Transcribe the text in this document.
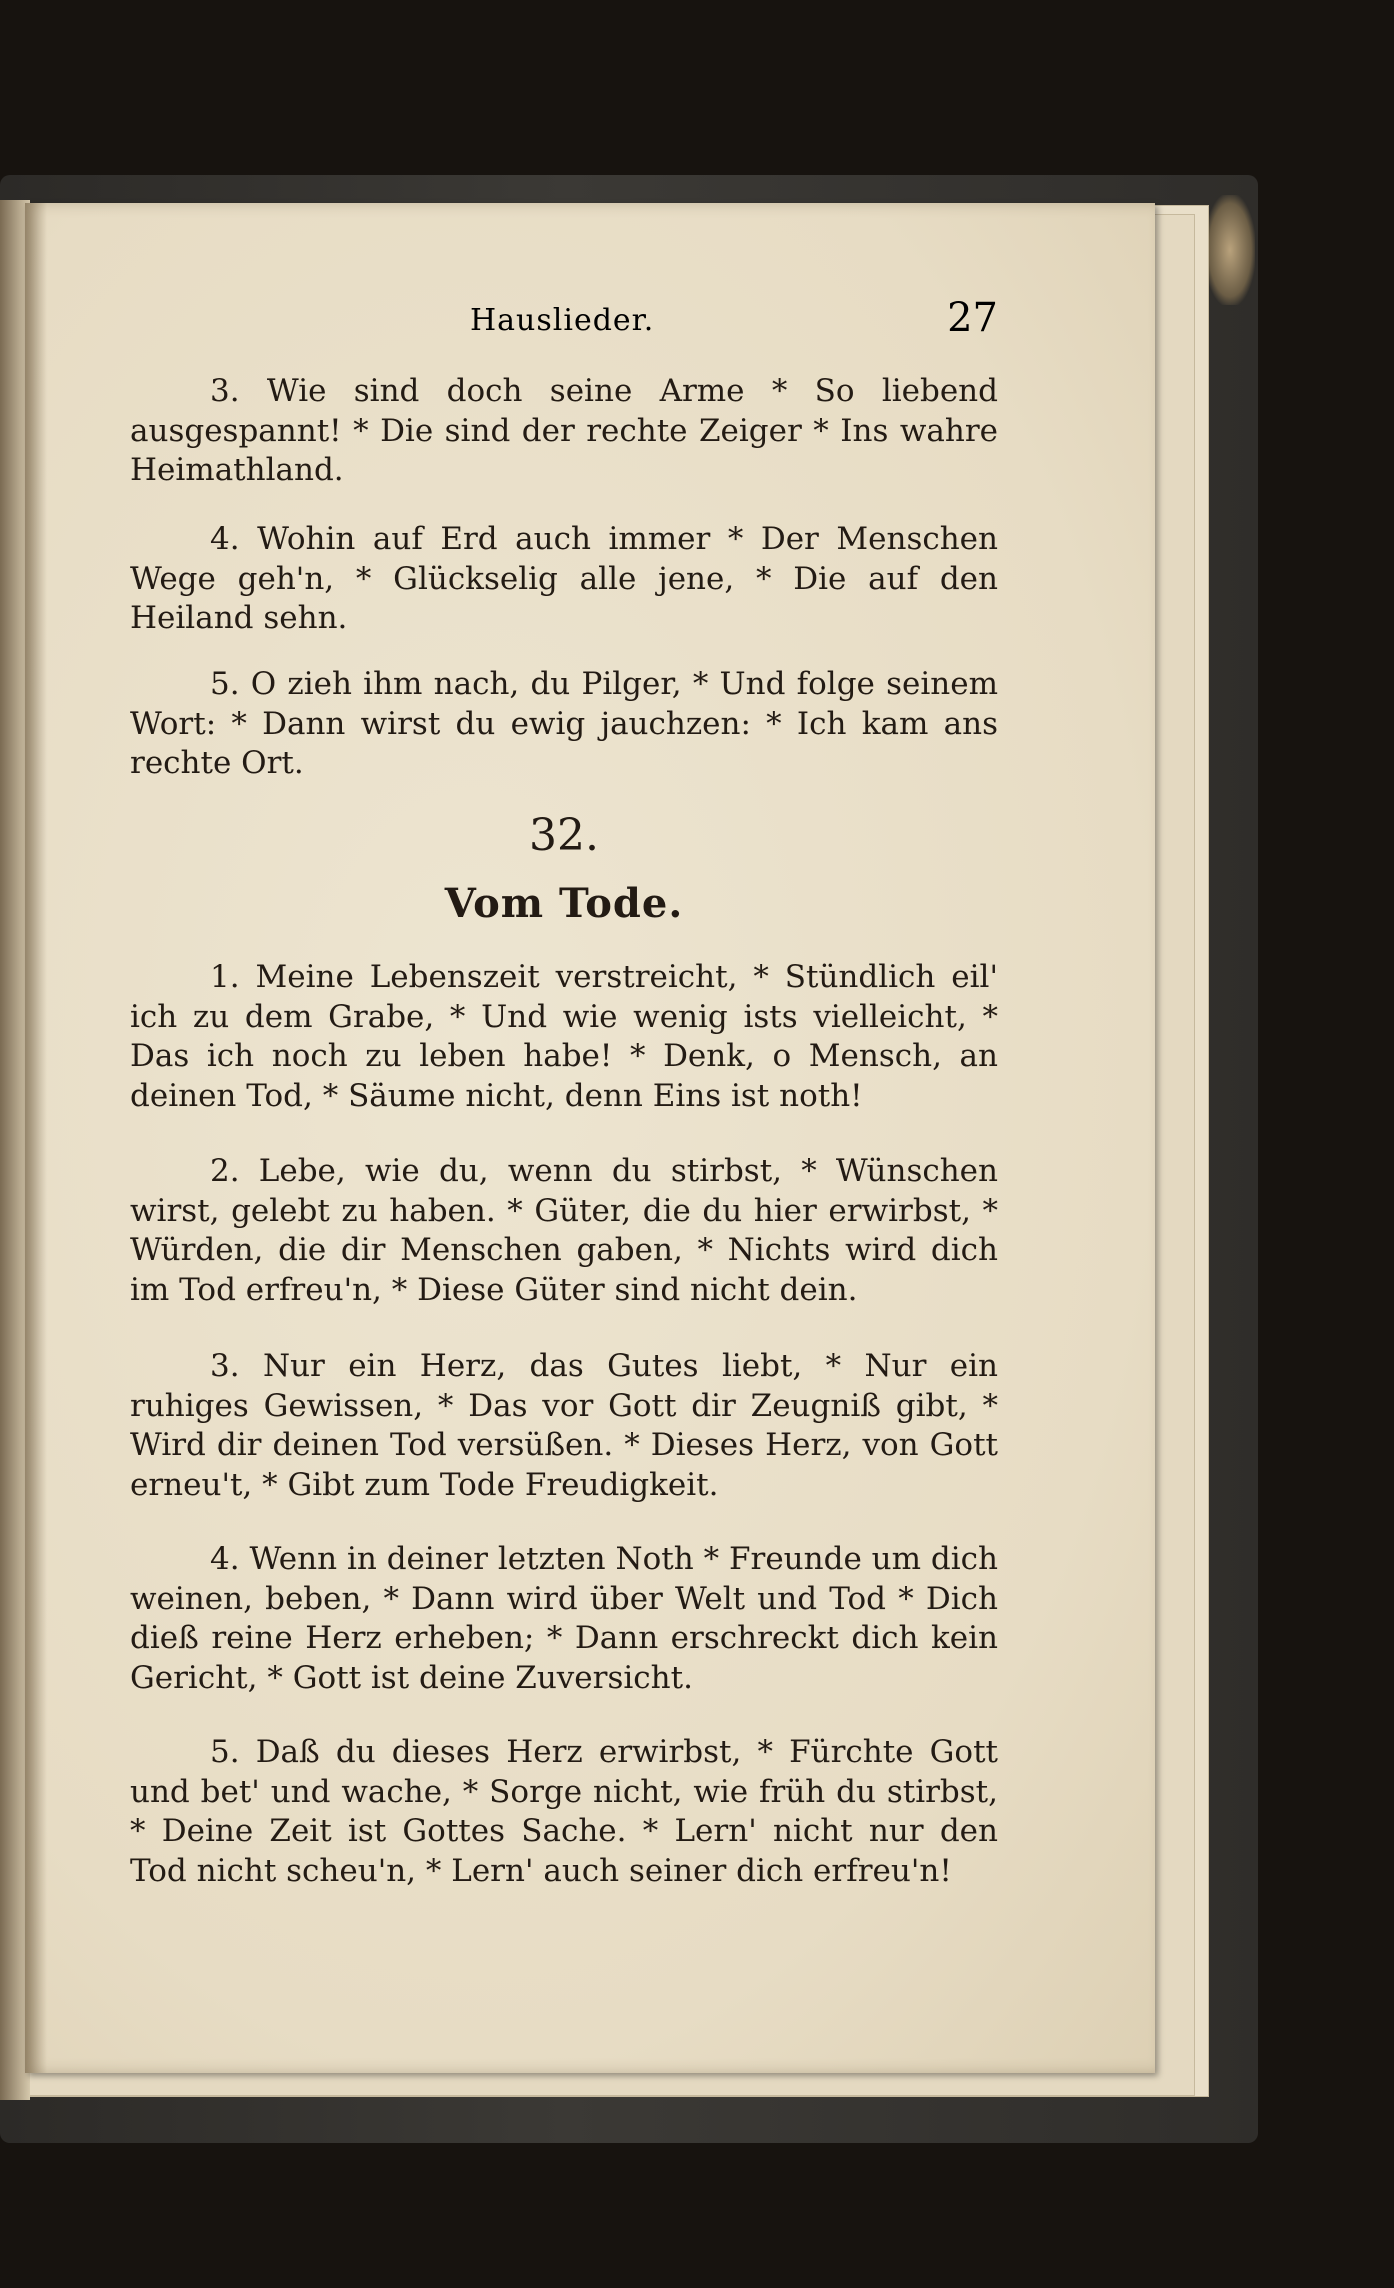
Hauslieder.	27

3. Wie sind doch seine Arme * So liebend ausgespannt! * Die sind der rechte Zeiger * Ins wahre Heimathland.

4. Wohin auf Erd auch immer * Der Menschen Wege geh'n, * Glückselig alle jene, * Die auf den Heiland sehn.

5. O zieh ihm nach, du Pilger, * Und folge seinem Wort: * Dann wirst du ewig jauchzen: * Ich kam ans rechte Ort.

32.
Vom Tode.

1. Meine Lebenszeit verstreicht, * Stündlich eil' ich zu dem Grabe, * Und wie wenig ists vielleicht, * Das ich noch zu leben habe! * Denk, o Mensch, an deinen Tod, * Säume nicht, denn Eins ist noth!

2. Lebe, wie du, wenn du stirbst, * Wünschen wirst, gelebt zu haben. * Güter, die du hier erwirbst, * Würden, die dir Menschen gaben, * Nichts wird dich im Tod erfreu'n, * Diese Güter sind nicht dein.

3. Nur ein Herz, das Gutes liebt, * Nur ein ruhiges Gewissen, * Das vor Gott dir Zeugniß gibt, * Wird dir deinen Tod versüßen. * Dieses Herz, von Gott erneu't, * Gibt zum Tode Freudigkeit.

4. Wenn in deiner letzten Noth * Freunde um dich weinen, beben, * Dann wird über Welt und Tod * Dich dieß reine Herz erheben; * Dann erschreckt dich kein Gericht, * Gott ist deine Zuversicht.

5. Daß du dieses Herz erwirbst, * Fürchte Gott und bet' und wache, * Sorge nicht, wie früh du stirbst, * Deine Zeit ist Gottes Sache. * Lern' nicht nur den Tod nicht scheu'n, * Lern' auch seiner dich erfreu'n!
